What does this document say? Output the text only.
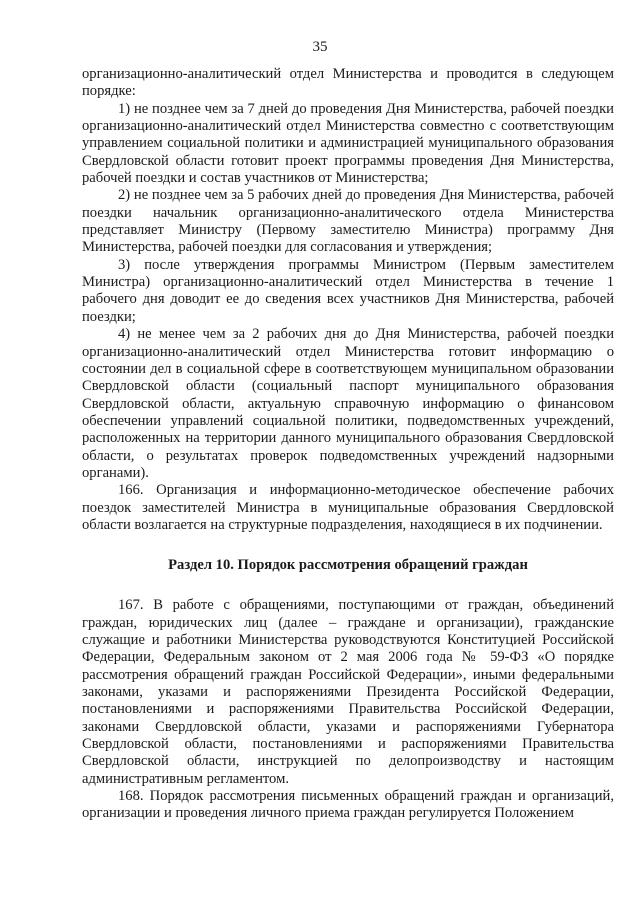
35

организационно-аналитический отдел Министерства и проводится в следующем порядке:

1) не позднее чем за 7 дней до проведения Дня Министерства, рабочей поездки организационно-аналитический отдел Министерства совместно с соответствующим управлением социальной политики и администрацией муниципального образования Свердловской области готовит проект программы проведения Дня Министерства, рабочей поездки и состав участников от Министерства;

2) не позднее чем за 5 рабочих дней до проведения Дня Министерства, рабочей поездки начальник организационно-аналитического отдела Министерства представляет Министру (Первому заместителю Министра) программу Дня Министерства, рабочей поездки для согласования и утверждения;

3) после утверждения программы Министром (Первым заместителем Министра) организационно-аналитический отдел Министерства в течение 1 рабочего дня доводит ее до сведения всех участников Дня Министерства, рабочей поездки;

4) не менее чем за 2 рабочих дня до Дня Министерства, рабочей поездки организационно-аналитический отдел Министерства готовит информацию о состоянии дел в социальной сфере в соответствующем муниципальном образовании Свердловской области (социальный паспорт муниципального образования Свердловской области, актуальную справочную информацию о финансовом обеспечении управлений социальной политики, подведомственных учреждений, расположенных на территории данного муниципального образования Свердловской области, о результатах проверок подведомственных учреждений надзорными органами).

166. Организация и информационно-методическое обеспечение рабочих поездок заместителей Министра в муниципальные образования Свердловской области возлагается на структурные подразделения, находящиеся в их подчинении.

Раздел 10. Порядок рассмотрения обращений граждан

167. В работе с обращениями, поступающими от граждан, объединений граждан, юридических лиц (далее – граждане и организации), гражданские служащие и работники Министерства руководствуются Конституцией Российской Федерации, Федеральным законом от 2 мая 2006 года № 59-ФЗ «О порядке рассмотрения обращений граждан Российской Федерации», иными федеральными законами, указами и распоряжениями Президента Российской Федерации, постановлениями и распоряжениями Правительства Российской Федерации, законами Свердловской области, указами и распоряжениями Губернатора Свердловской области, постановлениями и распоряжениями Правительства Свердловской области, инструкцией по делопроизводству и настоящим административным регламентом.

168. Порядок рассмотрения письменных обращений граждан и организаций, организации и проведения личного приема граждан регулируется Положением
